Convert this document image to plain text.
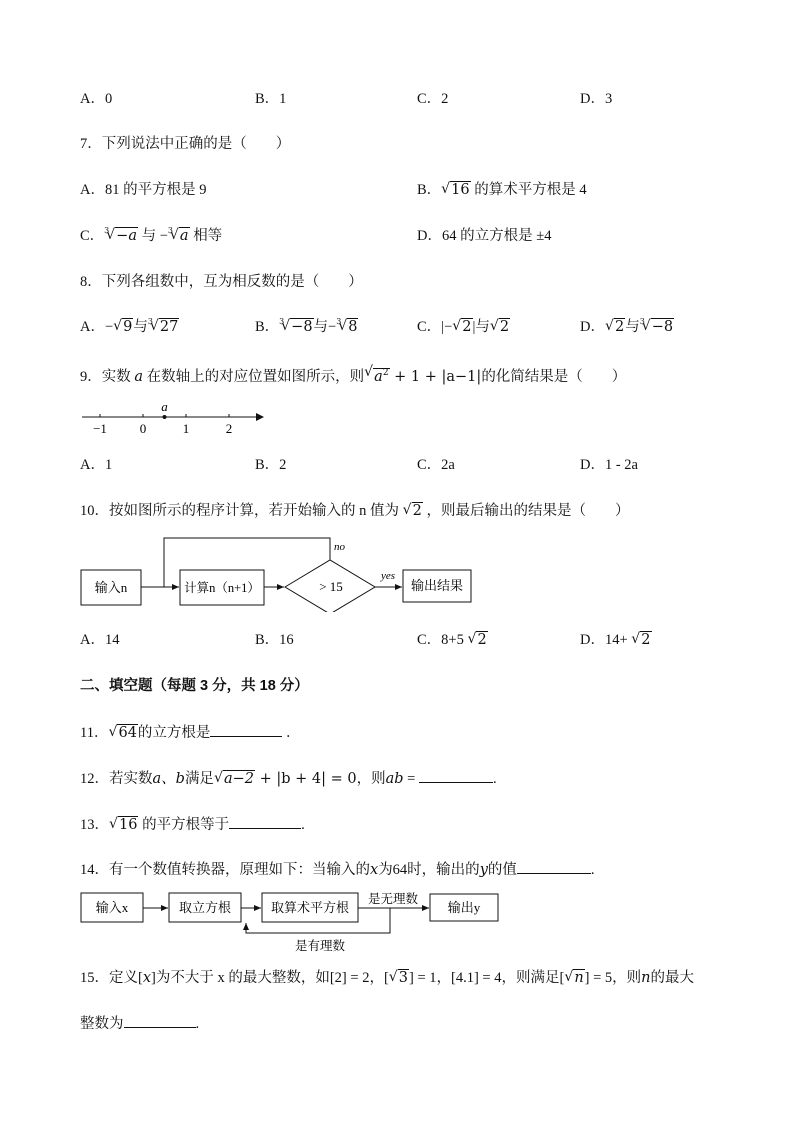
A．0	B．1	C．2	D．3
7．下列说法中正确的是（　　）
A．81 的平方根是 9	B． √ 16 的算术平方根是 4
C． √ 3 −a 与 − √ 3 a 相等	D．64 的立方根是 ±4
8．下列各组数中，互为相反数的是（　　）
A．− √ 9与 √ 3 27	B． √ 3 −8与− √ 3 8	C．|− √ 2|与 √ 2	D． √ 2与 √ 3 −8
9．实数 a 在数轴上的对应位置如图所示，则 √ $a^2 + 1 + |a-1|$的化简结果是（　　）
−1	0	1	2
a
A．1	B．2	C．2a	D．1 - 2a
10．按如图所示的程序计算，若开始输入的 n 值为 √ 2 ，则最后输出的结果是（　　）
输入n	计算n（n+1）	> 15
yes
输出结果
no
A．14	B．16	C．8+5 √ 2	D．14+ √ 2
二、填空题（每题 3 分，共 18 分）
11． √ 64的立方根是	．
12．若实数a、b满足 √ a−2 + |b + 4| = 0，则ab =	.
13． √ 16 的平方根等于	.
14．有一个数值转换器，原理如下：当输入的x为64时，输出的y的值	.
输入x	取立方根	取算术平方根
是无理数
输出y
是有理数
15．定义[x]为不大于 x 的最大整数，如[2] = 2，[ √ 3] = 1，[4.1] = 4，则满足[ √ n] = 5，则n的最大
整数为	.
